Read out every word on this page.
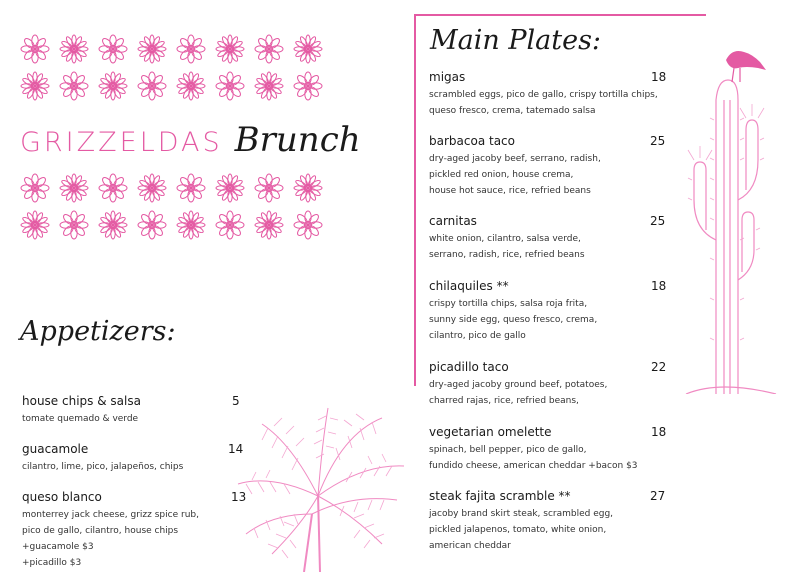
GRIZZELDAS Brunch
Appetizers:
house chips & salsa
tomate quemado & verde
5
guacamole
cilantro, lime, pico, jalapeños, chips
14
queso blanco
monterrey jack cheese, grizz spice rub,
pico de gallo, cilantro, house chips
+guacamole $3
+picadillo $3
13
Main Plates:
migas
scrambled eggs, pico de gallo, crispy tortilla chips,
queso fresco, crema, tatemado salsa
18
barbacoa taco
dry-aged jacoby beef, serrano, radish,
pickled red onion, house crema,
house hot sauce, rice, refried beans
25
carnitas
white onion, cilantro, salsa verde,
serrano, radish, rice, refried beans
25
chilaquiles **
crispy tortilla chips, salsa roja frita,
sunny side egg, queso fresco, crema,
cilantro, pico de gallo
18
picadillo taco
dry-aged jacoby ground beef, potatoes,
charred rajas, rice, refried beans,
22
vegetarian omelette
spinach, bell pepper, pico de gallo,
fundido cheese, american cheddar +bacon $3
18
steak fajita scramble **
jacoby brand skirt steak, scrambled egg,
pickled jalapenos, tomato, white onion,
american cheddar
27
